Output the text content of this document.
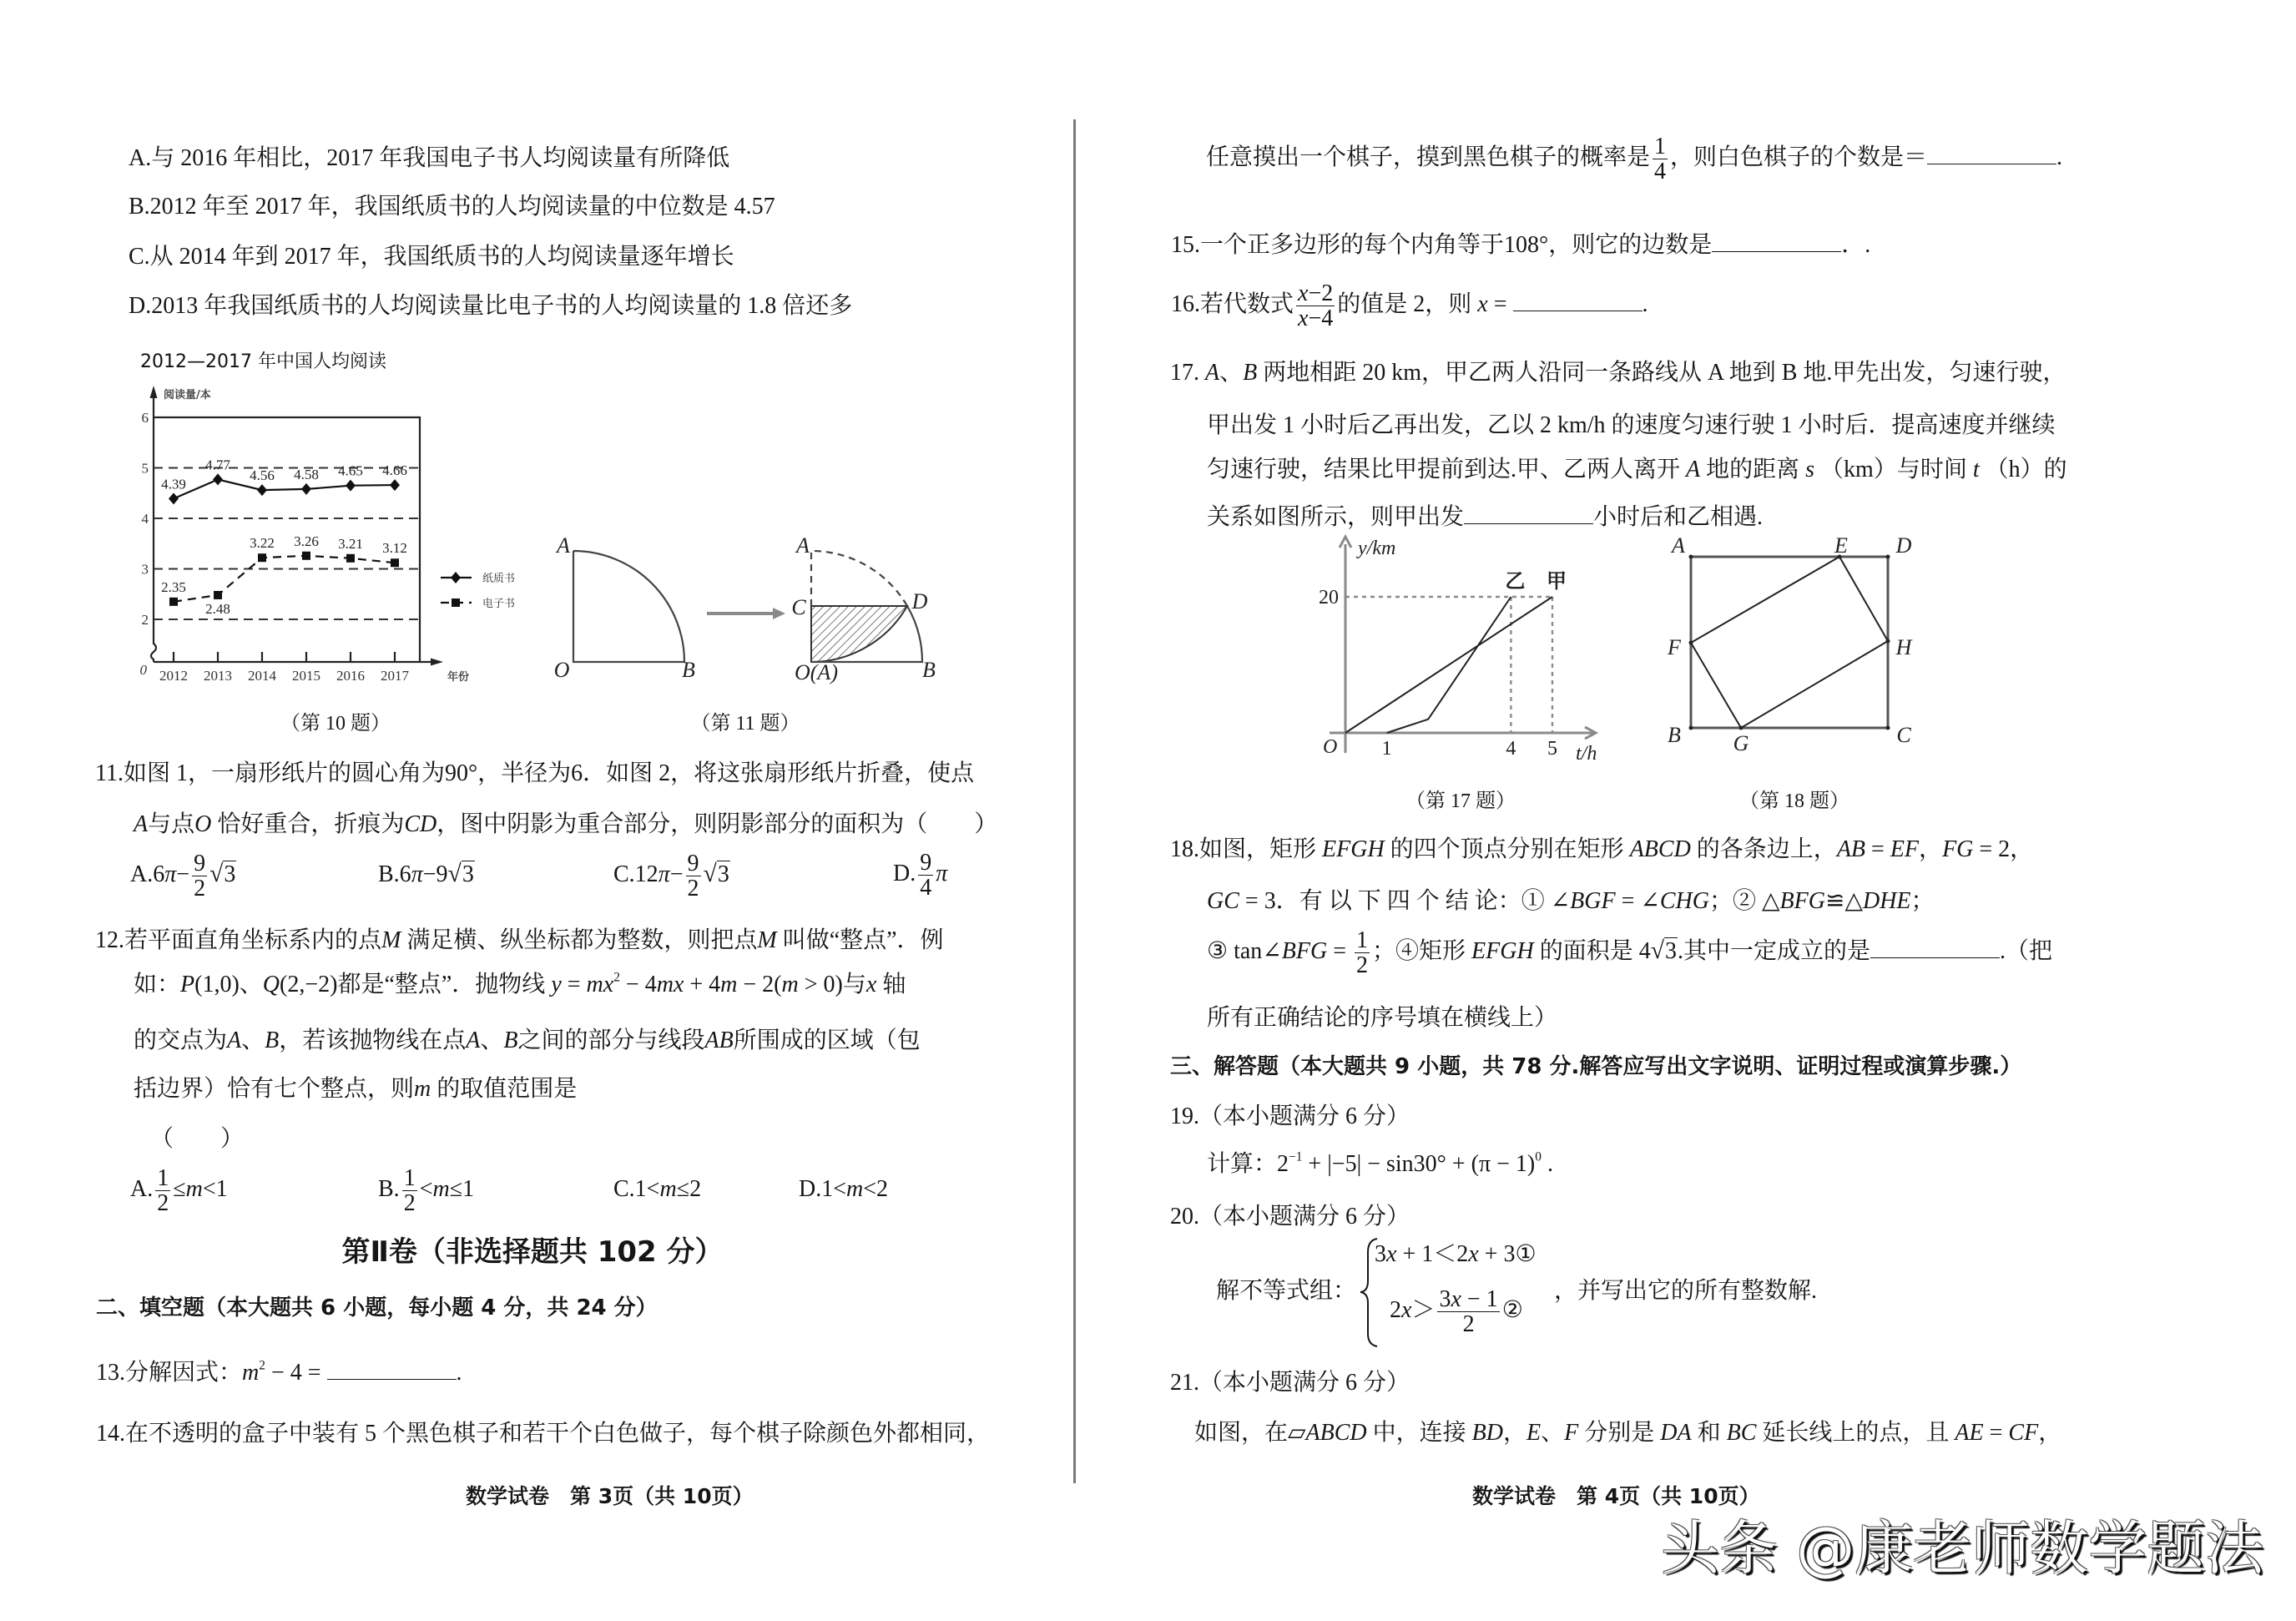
2012—2017 年中国人均阅读
阅读量/本
年份
0
2
3
4
5
6
2012 2013 2014 2015 2016 2017
4.39
4.77
4.56 4.58 4.65 4.66
纸质书
2.35
2.48
3.22 3.26 3.21 3.12
电子书
A
O	B
A
C	D
O(A)	B
y/km
t/h
O
20
1	4 5
乙 甲
A	E D
F	H
B G	C
A.与 2016 年相比，2017 年我国电子书人均阅读量有所降低
B.2012 年至 2017 年，我国纸质书的人均阅读量的中位数是 4.57
C.从 2014 年到 2017 年，我国纸质书的人均阅读量逐年增长
D.2013 年我国纸质书的人均阅读量比电子书的人均阅读量的 1.8 倍还多
（第 10 题）	（第 11 题）
11.如图 1，一扇形纸片的圆心角为90°，半径为6．如图 2，将这张扇形纸片折叠，使点
A与点O 恰好重合，折痕为CD，图中阴影为重合部分，则阴影部分的面积为（　　）
$A.6\pi- \frac{9}{2} √3$	B.6π−9√3	$C.12\pi- \frac{9}{2} √3$	D. $\frac{9}{4}$ π
12.若平面直角坐标系内的点M 满足横、纵坐标都为整数，则把点M 叫做“整点”．例
如：P(1,0)、Q(2,−2)都是“整点”．抛物线 $y = mx^2 - 4mx + 4m - 2(m > 0)$与x 轴
的交点为A、B，若该抛物线在点A、B之间的部分与线段AB所围成的区域（包
括边界）恰有七个整点，则m 的取值范围是
（　　）
A. $\frac{1}{2} \le m<1$	B. $\frac{1}{2} <m\le 1$	C.1<m≤2	D.1<m<2
第Ⅱ卷（非选择题共 102 分）
二、填空题（本大题共 6 小题，每小题 4 分，共 24 分）
13.分解因式：$m^2 - 4$ =	.
14.在不透明的盒子中装有 5 个黑色棋子和若干个白色做子，每个棋子除颜色外都相同，
数学试卷　第 3页（共 10页）
任意摸出一个棋子，摸到黑色棋子的概率是 $\frac{1}{4}$ ，则白色棋子的个数是＝	.
15.一个正多边形的每个内角等于108°，则它的边数是	．.
16.若代数式 $\frac{x-2}{x-4}$ 的值是 2，则 x =	.
17. A、B 两地相距 20 km，甲乙两人沿同一条路线从 A 地到 B 地.甲先出发，匀速行驶，
甲出发 1 小时后乙再出发，乙以 2 km/h 的速度匀速行驶 1 小时后．提高速度并继续
匀速行驶，结果比甲提前到达.甲、乙两人离开 A 地的距离 s （km）与时间 t （h）的
关系如图所示，则甲出发	小时后和乙相遇.
（第 17 题）	（第 18 题）
18.如图，矩形 EFGH 的四个顶点分别在矩形 ABCD 的各条边上，AB = EF，FG = 2，
GC = 3．有 以 下 四 个 结 论：① ∠BGF = ∠CHG；② △BFG≌△DHE；
③ tan∠BFG = $\frac{1}{2}$ ；④矩形 EFGH 的面积是 4√3.其中一定成立的是	.（把
所有正确结论的序号填在横线上）
三、解答题（本大题共 9 小题，共 78 分.解答应写出文字说明、证明过程或演算步骤.）
19.（本小题满分 6 分）
计算：$2^{-1} + |-5| - \sin 30^\circ + (\pi - 1)^0$ .
20.（本小题满分 6 分）
解不等式组：
3x + 1＜2x + 3①
$2x> \frac{3x - 1}{2}$ ②
，并写出它的所有整数解.
21.（本小题满分 6 分）
如图，在▱ABCD 中，连接 BD，E、F 分别是 DA 和 BC 延长线上的点，且 AE = CF，
数学试卷　第 4页（共 10页）
头条 @康老师数学题法
